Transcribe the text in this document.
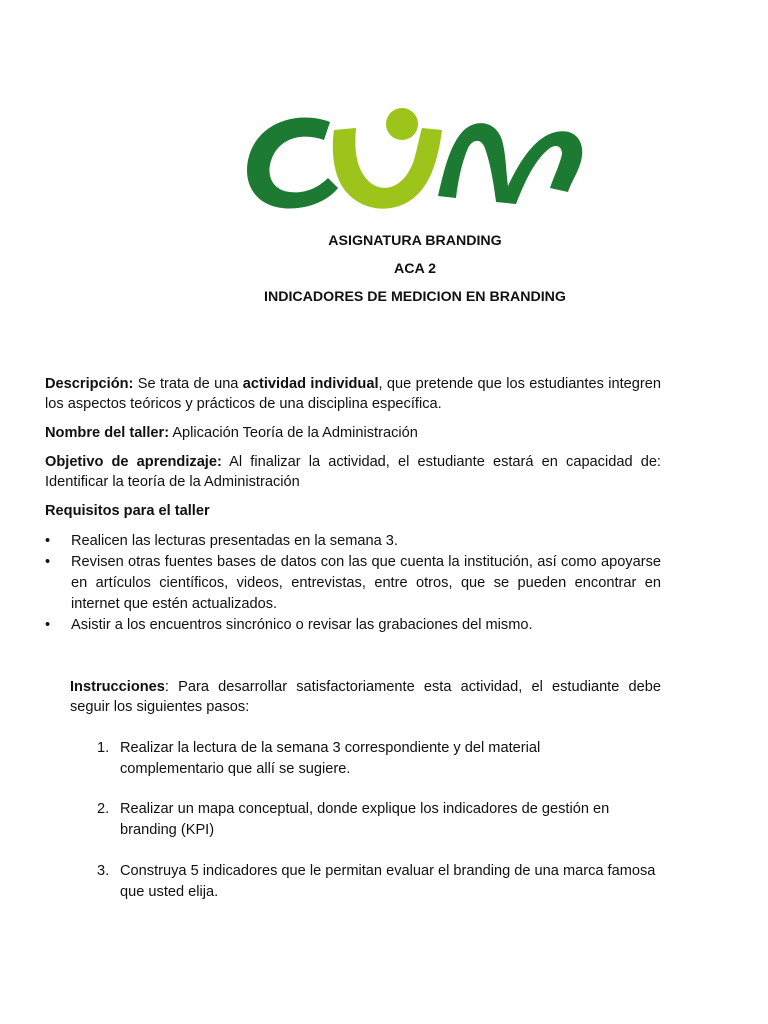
ASIGNATURA BRANDING
ACA 2
INDICADORES DE MEDICION EN BRANDING
Descripción: Se trata de una actividad individual, que pretende que los estudiantes integren los aspectos teóricos y prácticos de una disciplina específica.
Nombre del taller: Aplicación Teoría de la Administración
Objetivo de aprendizaje: Al finalizar la actividad, el estudiante estará en capacidad de: Identificar la teoría de la Administración
Requisitos para el taller
• Realicen las lecturas presentadas en la semana 3.
• Revisen otras fuentes bases de datos con las que cuenta la institución, así como apoyarse en artículos científicos, videos, entrevistas, entre otros, que se pueden encontrar en internet que estén actualizados.
• Asistir a los encuentros sincrónico o revisar las grabaciones del mismo.
Instrucciones: Para desarrollar satisfactoriamente esta actividad, el estudiante debe seguir los siguientes pasos:
1. Realizar la lectura de la semana 3 correspondiente y del material
complementario que allí se sugiere.
2. Realizar un mapa conceptual, donde explique los indicadores de gestión en
branding (KPI)
3. Construya 5 indicadores que le permitan evaluar el branding de una marca famosa
que usted elija.
